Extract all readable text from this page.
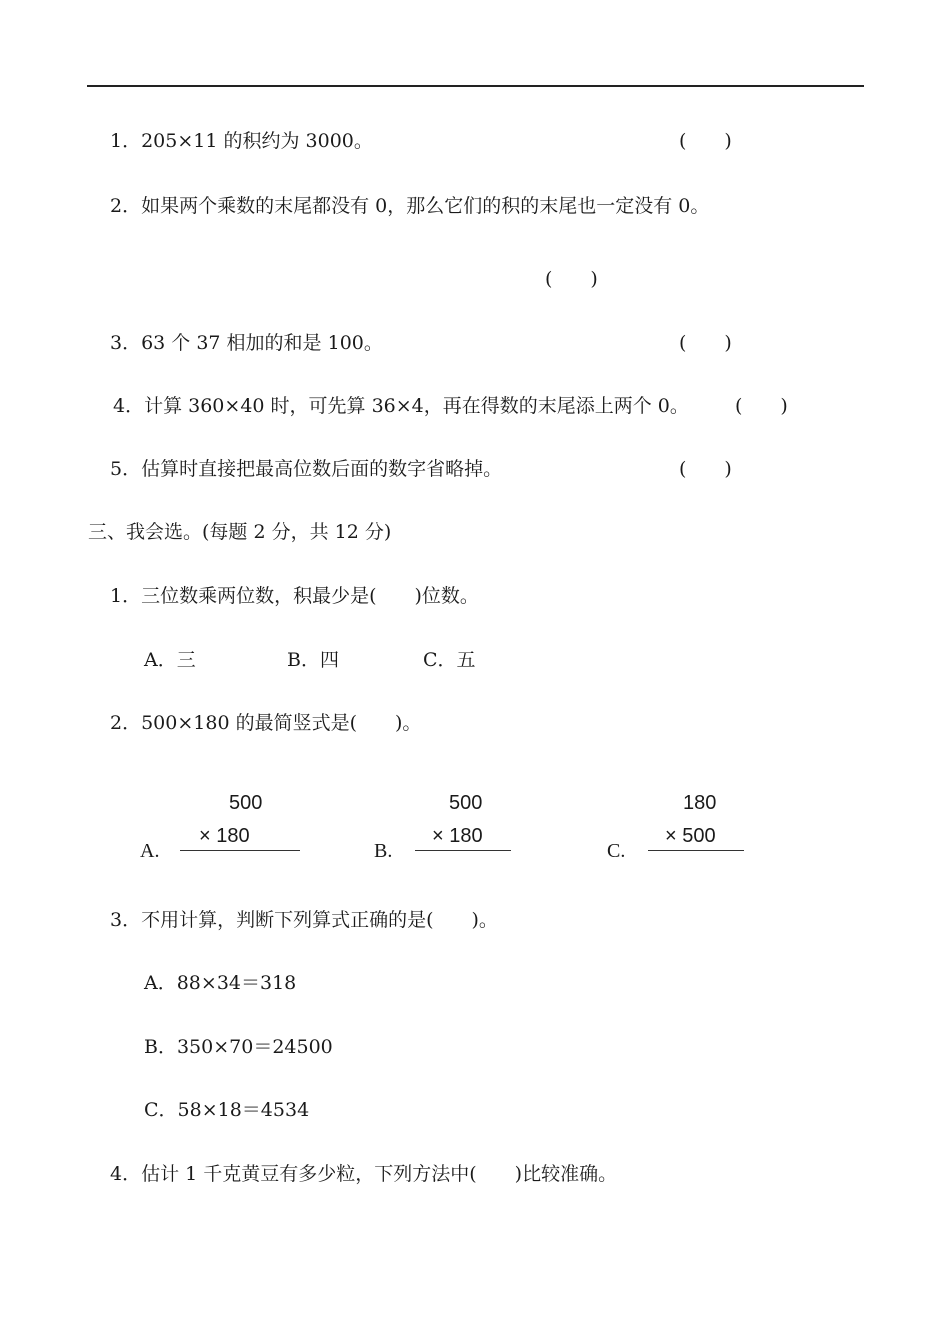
1．205×11 的积约为 3000。	(　　)
2．如果两个乘数的末尾都没有 0，那么它们的积的末尾也一定没有 0。
(　　)
3．63 个 37 相加的和是 100。	(　　)
4．计算 360×40 时，可先算 36×4，再在得数的末尾添上两个 0。 (　　)
5．估算时直接把最高位数后面的数字省略掉。	(　　)
三、我会选。(每题 2 分，共 12 分)
1．三位数乘两位数，积最少是(　　)位数。
A．三	B．四	C．五
2．500×180 的最简竖式是(　　)。
500
× 180
A.
500
× 180
B.
180
× 500
C.
3．不用计算，判断下列算式正确的是(　　)。
A．88×34＝318
B．350×70＝24500
C．58×18＝4534
4．估计 1 千克黄豆有多少粒，下列方法中(　　)比较准确。
